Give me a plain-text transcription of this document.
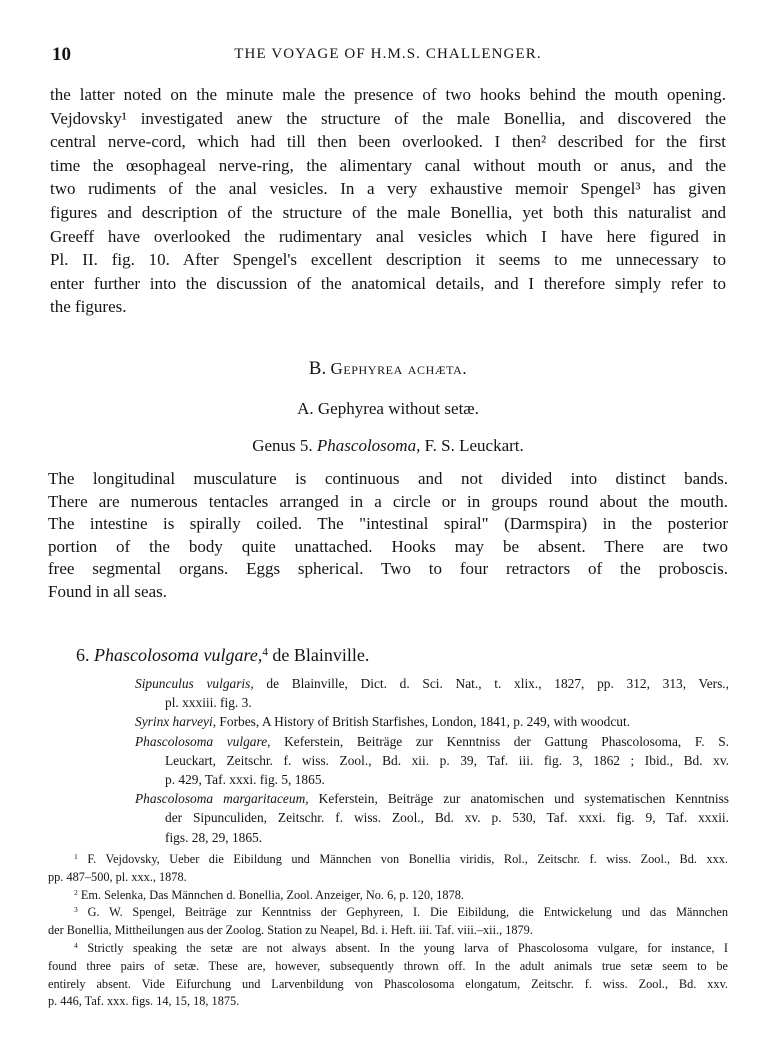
10	THE VOYAGE OF H.M.S. CHALLENGER.
the latter noted on the minute male the presence of two hooks behind the mouth opening.
Vejdovsky¹ investigated anew the structure of the male Bonellia, and discovered the
central nerve-cord, which had till then been overlooked. I then² described for the first
time the œsophageal nerve-ring, the alimentary canal without mouth or anus, and the
two rudiments of the anal vesicles. In a very exhaustive memoir Spengel³ has given
figures and description of the structure of the male Bonellia, yet both this naturalist and
Greeff have overlooked the rudimentary anal vesicles which I have here figured in
Pl. II. fig. 10. After Spengel's excellent description it seems to me unnecessary to
enter further into the discussion of the anatomical details, and I therefore simply refer to
the figures.
B. Gephyrea achæta.
A. Gephyrea without setæ.
Genus 5. Phascolosoma, F. S. Leuckart.
The longitudinal musculature is continuous and not divided into distinct bands.
There are numerous tentacles arranged in a circle or in groups round about the mouth.
The intestine is spirally coiled. The "intestinal spiral" (Darmspira) in the posterior
portion of the body quite unattached. Hooks may be absent. There are two
free segmental organs. Eggs spherical. Two to four retractors of the proboscis.
Found in all seas.
6. Phascolosoma vulgare,$^4$ de Blainville.
Sipunculus vulgaris, de Blainville, Dict. d. Sci. Nat., t. xlix., 1827, pp. 312, 313, Vers.,
pl. xxxiii. fig. 3.
Syrinx harveyi, Forbes, A History of British Starfishes, London, 1841, p. 249, with woodcut.
Phascolosoma vulgare, Keferstein, Beiträge zur Kenntniss der Gattung Phascolosoma, F. S.
Leuckart, Zeitschr. f. wiss. Zool., Bd. xii. p. 39, Taf. iii. fig. 3, 1862 ; Ibid., Bd. xv.
p. 429, Taf. xxxi. fig. 5, 1865.
Phascolosoma margaritaceum, Keferstein, Beiträge zur anatomischen und systematischen Kenntniss
der Sipunculiden, Zeitschr. f. wiss. Zool., Bd. xv. p. 530, Taf. xxxi. fig. 9, Taf. xxxii.
figs. 28, 29, 1865.
$^1$ F. Vejdovsky, Ueber die Eibildung und Männchen von Bonellia viridis, Rol., Zeitschr. f. wiss. Zool., Bd. xxx.
pp. 487–500, pl. xxx., 1878.
$^2$ Em. Selenka, Das Männchen d. Bonellia, Zool. Anzeiger, No. 6, p. 120, 1878.
$^3$ G. W. Spengel, Beiträge zur Kenntniss der Gephyreen, I. Die Eibildung, die Entwickelung und das Männchen
der Bonellia, Mittheilungen aus der Zoolog. Station zu Neapel, Bd. i. Heft. iii. Taf. viii.–xii., 1879.
$^4$ Strictly speaking the setæ are not always absent. In the young larva of Phascolosoma vulgare, for instance, I
found three pairs of setæ. These are, however, subsequently thrown off. In the adult animals true setæ seem to be
entirely absent. Vide Eifurchung und Larvenbildung von Phascolosoma elongatum, Zeitschr. f. wiss. Zool., Bd. xxv.
p. 446, Taf. xxx. figs. 14, 15, 18, 1875.
